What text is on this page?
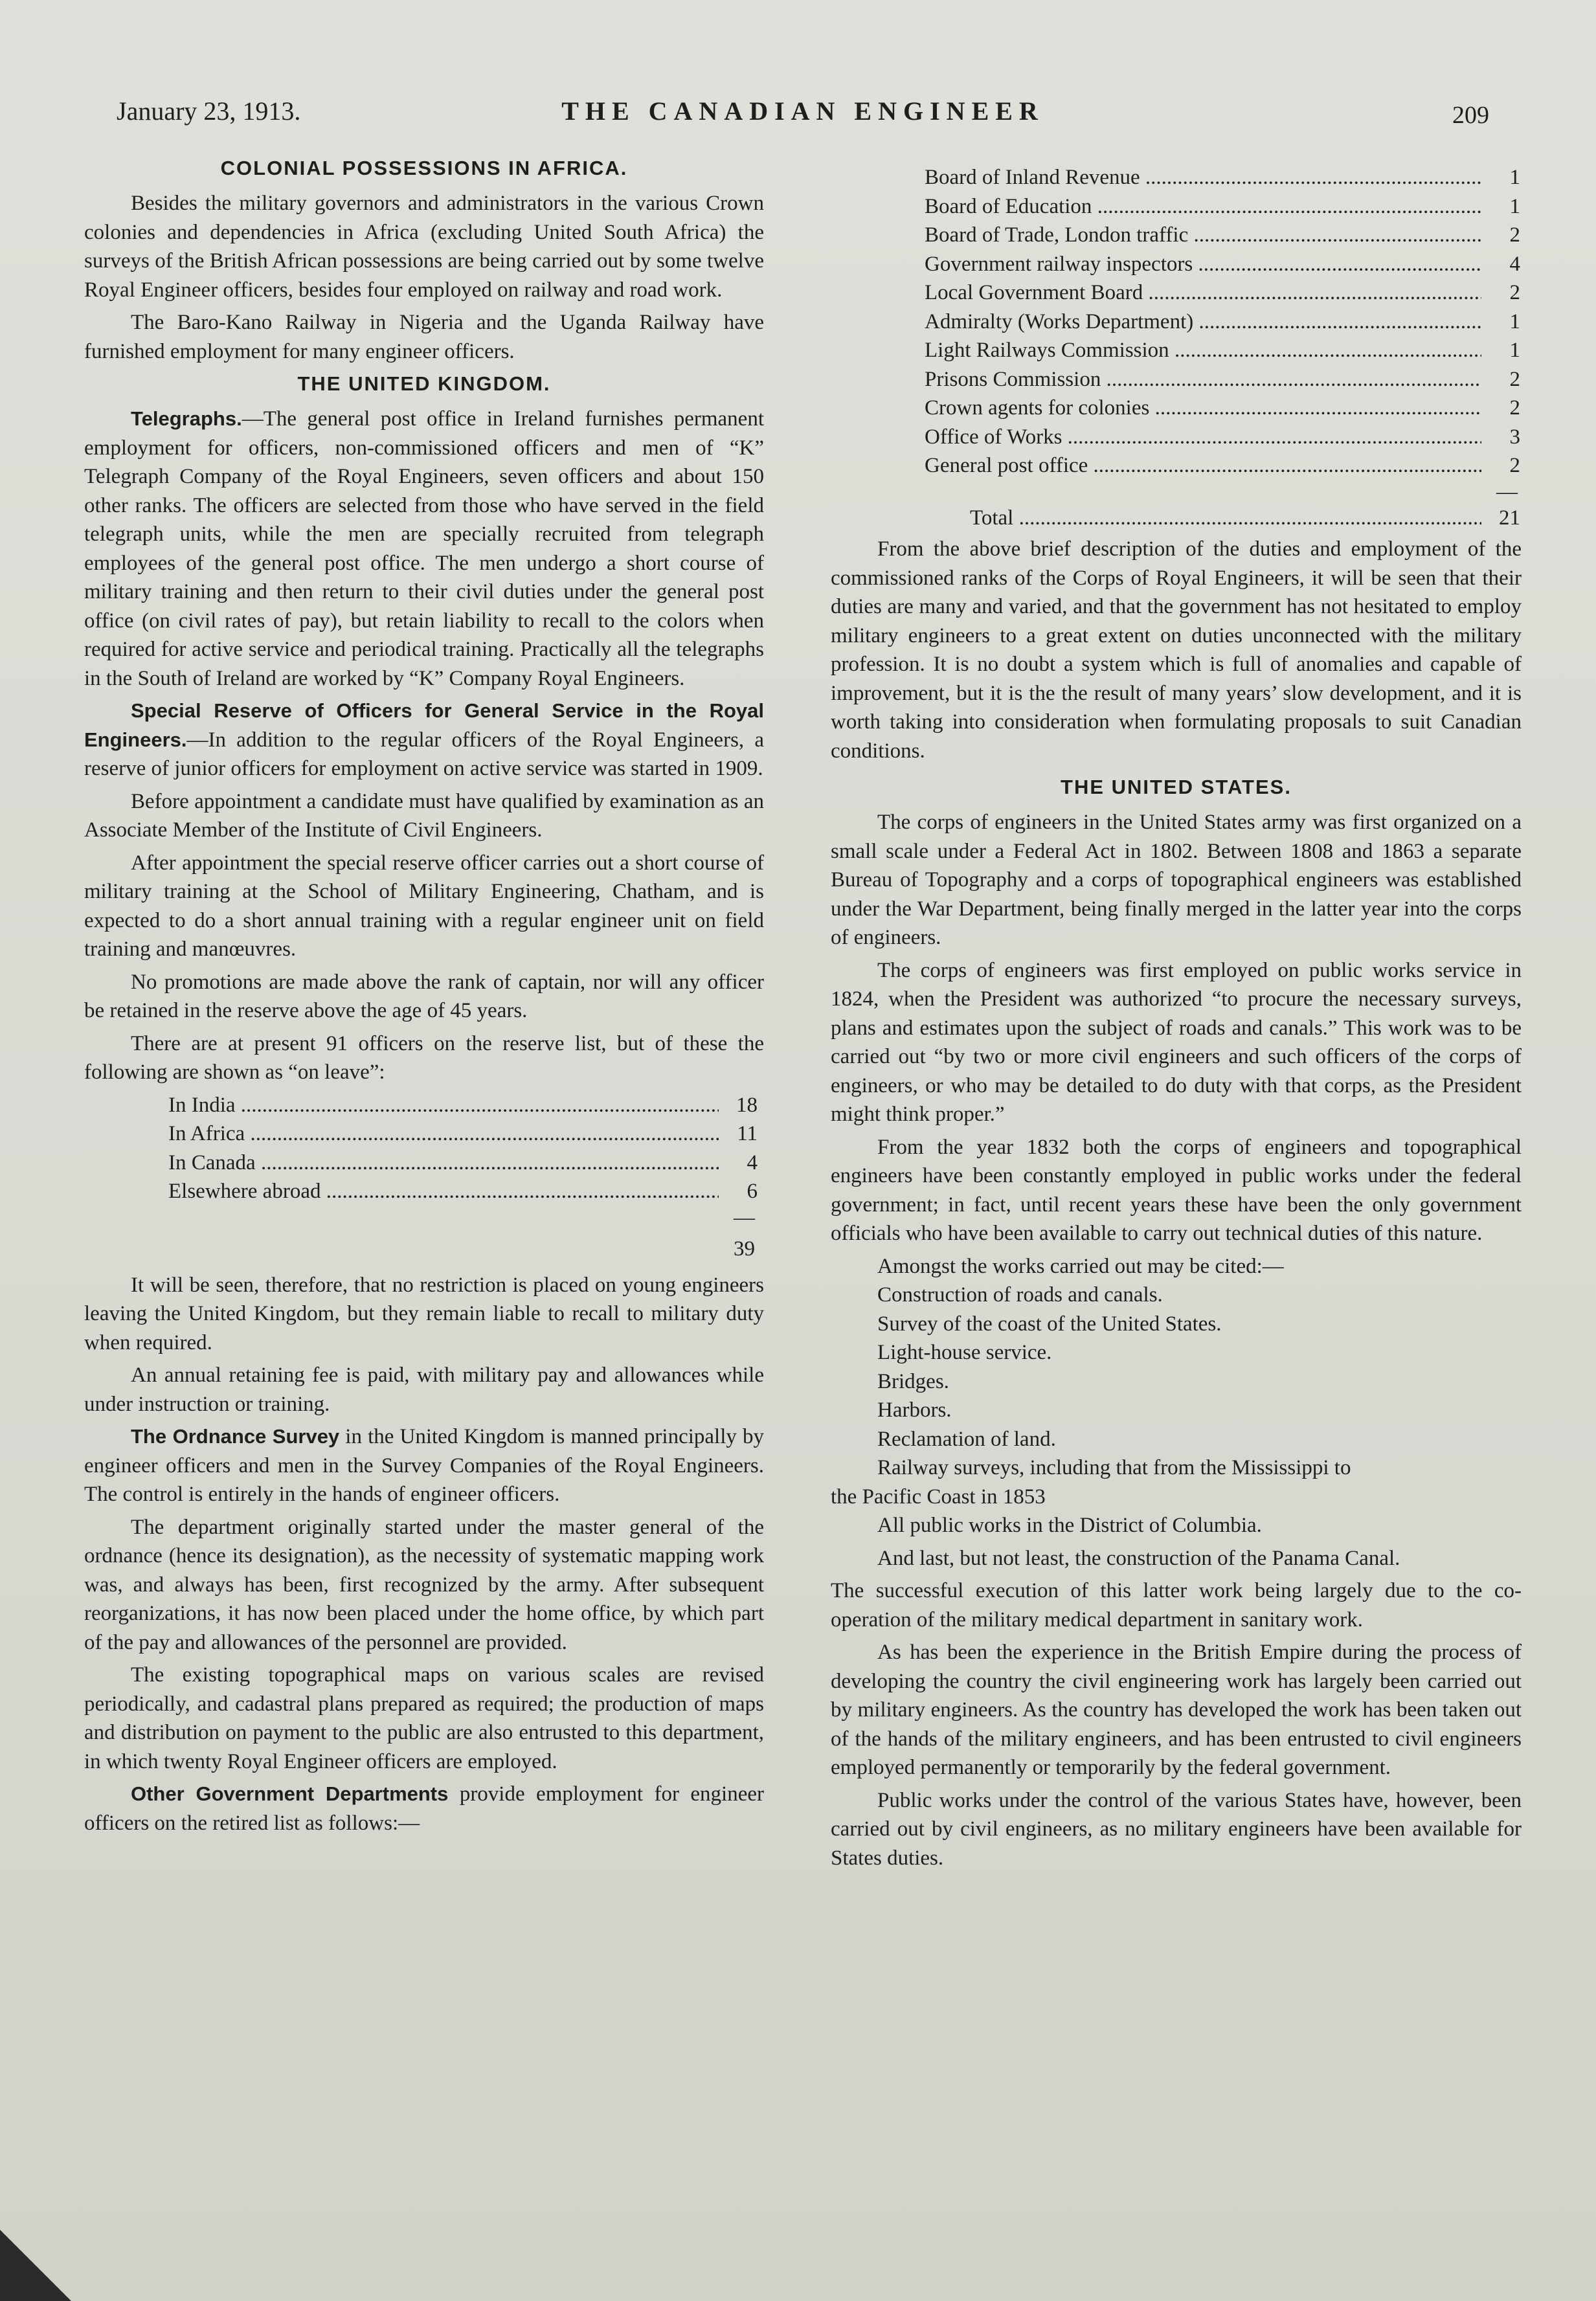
THE CANADIAN ENGINEER
January 23, 1913.	209
COLONIAL POSSESSIONS IN AFRICA.

Besides the military governors and administrators in the various Crown colonies and dependencies in Africa (excluding United South Africa) the surveys of the British African possessions are being carried out by some twelve Royal Engineer officers, besides four employed on railway and road work.

The Baro-Kano Railway in Nigeria and the Uganda Railway have furnished employment for many engineer officers.

THE UNITED KINGDOM.

Telegraphs.—The general post office in Ireland furnishes permanent employment for officers, non-commissioned officers and men of “K” Telegraph Company of the Royal Engineers, seven officers and about 150 other ranks. The officers are selected from those who have served in the field telegraph units, while the men are specially recruited from telegraph employees of the general post office. The men undergo a short course of military training and then return to their civil duties under the general post office (on civil rates of pay), but retain liability to recall to the colors when required for active service and periodical training. Practically all the telegraphs in the South of Ireland are worked by “K” Company Royal Engineers.

Special Reserve of Officers for General Service in the Royal Engineers.—In addition to the regular officers of the Royal Engineers, a reserve of junior officers for employment on active service was started in 1909.

Before appointment a candidate must have qualified by examination as an Associate Member of the Institute of Civil Engineers.

After appointment the special reserve officer carries out a short course of military training at the School of Military Engineering, Chatham, and is expected to do a short annual training with a regular engineer unit on field training and manœuvres.

No promotions are made above the rank of captain, nor will any officer be retained in the reserve above the age of 45 years.

There are at present 91 officers on the reserve list, but of these the following are shown as “on leave”:

In India .....	18
In Africa .....	11
In Canada .....	4
Elsewhere abroad .....	6
—
39

It will be seen, therefore, that no restriction is placed on young engineers leaving the United Kingdom, but they remain liable to recall to military duty when required.

An annual retaining fee is paid, with military pay and allowances while under instruction or training.

The Ordnance Survey in the United Kingdom is manned principally by engineer officers and men in the Survey Companies of the Royal Engineers. The control is entirely in the hands of engineer officers.

The department originally started under the master general of the ordnance (hence its designation), as the necessity of systematic mapping work was, and always has been, first recognized by the army. After subsequent reorganizations, it has now been placed under the home office, by which part of the pay and allowances of the personnel are provided.

The existing topographical maps on various scales are revised periodically, and cadastral plans prepared as required; the production of maps and distribution on payment to the public are also entrusted to this department, in which twenty Royal Engineer officers are employed.

Other Government Departments provide employment for engineer officers on the retired list as follows:—

Board of Inland Revenue .....	1
Board of Education .....	1
Board of Trade, London traffic .....	2
Government railway inspectors .....	4
Local Government Board .....	2
Admiralty (Works Department) .....	1
Light Railways Commission .....	1
Prisons Commission .....	2
Crown agents for colonies .....	2
Office of Works .....	3
General post office .....	2
—
Total .....	21

From the above brief description of the duties and employment of the commissioned ranks of the Corps of Royal Engineers, it will be seen that their duties are many and varied, and that the government has not hesitated to employ military engineers to a great extent on duties unconnected with the military profession. It is no doubt a system which is full of anomalies and capable of improvement, but it is the the result of many years’ slow development, and it is worth taking into consideration when formulating proposals to suit Canadian conditions.

THE UNITED STATES.

The corps of engineers in the United States army was first organized on a small scale under a Federal Act in 1802. Between 1808 and 1863 a separate Bureau of Topography and a corps of topographical engineers was established under the War Department, being finally merged in the latter year into the corps of engineers.

The corps of engineers was first employed on public works service in 1824, when the President was authorized “to procure the necessary surveys, plans and estimates upon the subject of roads and canals.” This work was to be carried out “by two or more civil engineers and such officers of the corps of engineers, or who may be detailed to do duty with that corps, as the President might think proper.”

From the year 1832 both the corps of engineers and topographical engineers have been constantly employed in public works under the federal government; in fact, until recent years these have been the only government officials who have been available to carry out technical duties of this nature.

Amongst the works carried out may be cited:—
Construction of roads and canals.
Survey of the coast of the United States.
Light-house service.
Bridges.
Harbors.
Reclamation of land.
Railway surveys, including that from the Mississippi to
the Pacific Coast in 1853
All public works in the District of Columbia.

And last, but not least, the construction of the Panama Canal.

The successful execution of this latter work being largely due to the co-operation of the military medical department in sanitary work.

As has been the experience in the British Empire during the process of developing the country the civil engineering work has largely been carried out by military engineers. As the country has developed the work has been taken out of the hands of the military engineers, and has been entrusted to civil engineers employed permanently or temporarily by the federal government.

Public works under the control of the various States have, however, been carried out by civil engineers, as no military engineers have been available for States duties.
